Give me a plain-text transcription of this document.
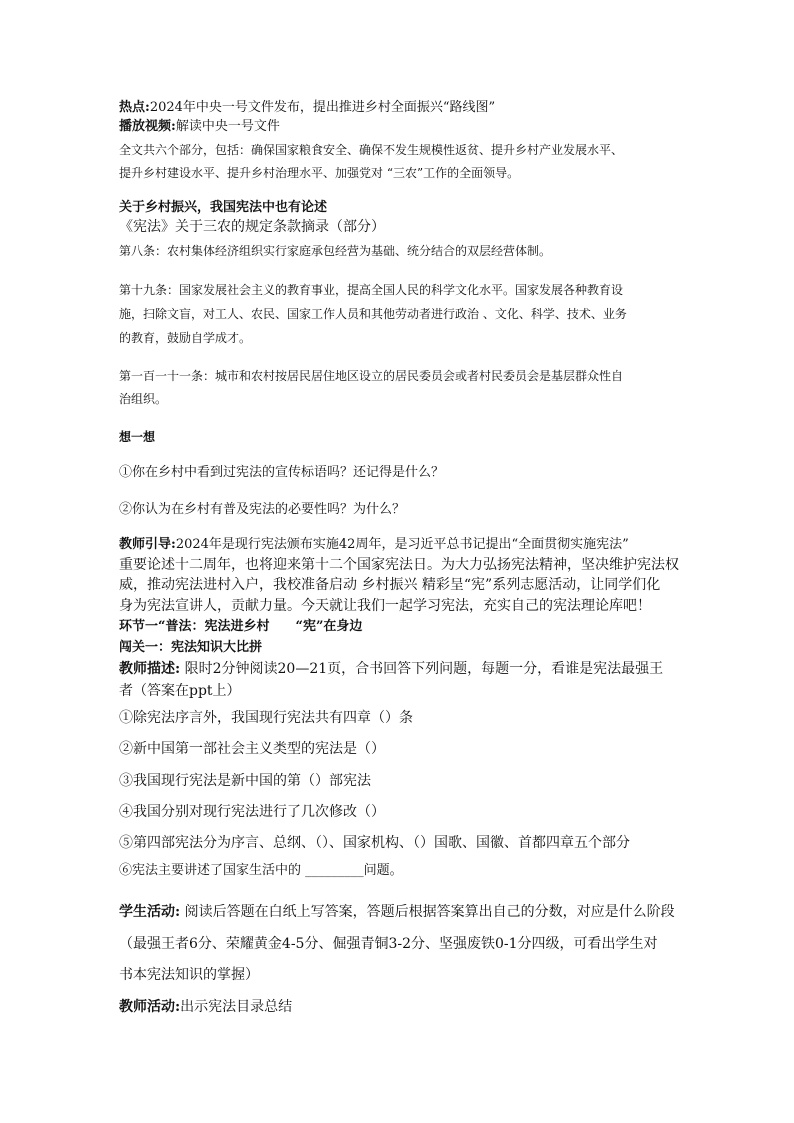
热点:2024年中央一号文件发布，提出推进乡村全面振兴“路线图”
播放视频:解读中央一号文件
全文共六个部分，包括：确保国家粮食安全、确保不发生规模性返贫、提升乡村产业发展水平、
提升乡村建设水平、提升乡村治理水平、加强党对 “三农”工作的全面领导。
关于乡村振兴，我国宪法中也有论述
《宪法》关于三农的规定条款摘录（部分）
第八条：农村集体经济组织实行家庭承包经营为基础、统分结合的双层经营体制。
第十九条：国家发展社会主义的教育事业，提高全国人民的科学文化水平。国家发展各种教育设
施，扫除文盲，对工人、农民、国家工作人员和其他劳动者进行政治 、文化、科学、技术、业务
的教育，鼓励自学成才。
第一百一十一条：城市和农村按居民居住地区设立的居民委员会或者村民委员会是基层群众性自
治组织。
想一想
①你在乡村中看到过宪法的宣传标语吗？还记得是什么？
②你认为在乡村有普及宪法的必要性吗？为什么？
教师引导:2024年是现行宪法颁布实施42周年，是习近平总书记提出“全面贯彻实施宪法”
重要论述十二周年，也将迎来第十二个国家宪法日。为大力弘扬宪法精神，坚决维护宪法权
威，推动宪法进村入户，我校准备启动 乡村振兴 精彩呈“宪”系列志愿活动，让同学们化
身为宪法宣讲人，贡献力量。今天就让我们一起学习宪法，充实自己的宪法理论库吧！
环节一“普法：宪法进乡村　　“宪”在身边
闯关一：宪法知识大比拼
教师描述: 限时2分钟阅读20—21页，合书回答下列问题，每题一分，看谁是宪法最强王
者（答案在ppt上）
①除宪法序言外，我国现行宪法共有四章（）条
②新中国第一部社会主义类型的宪法是（）
③我国现行宪法是新中国的第（）部宪法
④我国分别对现行宪法进行了几次修改（）
⑤第四部宪法分为序言、总纲、（）、国家机构、（）国歌、国徽、首都四章五个部分
⑥宪法主要讲述了国家生活中的 _________问题。
学生活动: 阅读后答题在白纸上写答案，答题后根据答案算出自己的分数，对应是什么阶段
（最强王者6分、荣耀黄金4-5分、倔强青铜3-2分、坚强废铁0-1分四级，可看出学生对
书本宪法知识的掌握）
教师活动:出示宪法目录总结
